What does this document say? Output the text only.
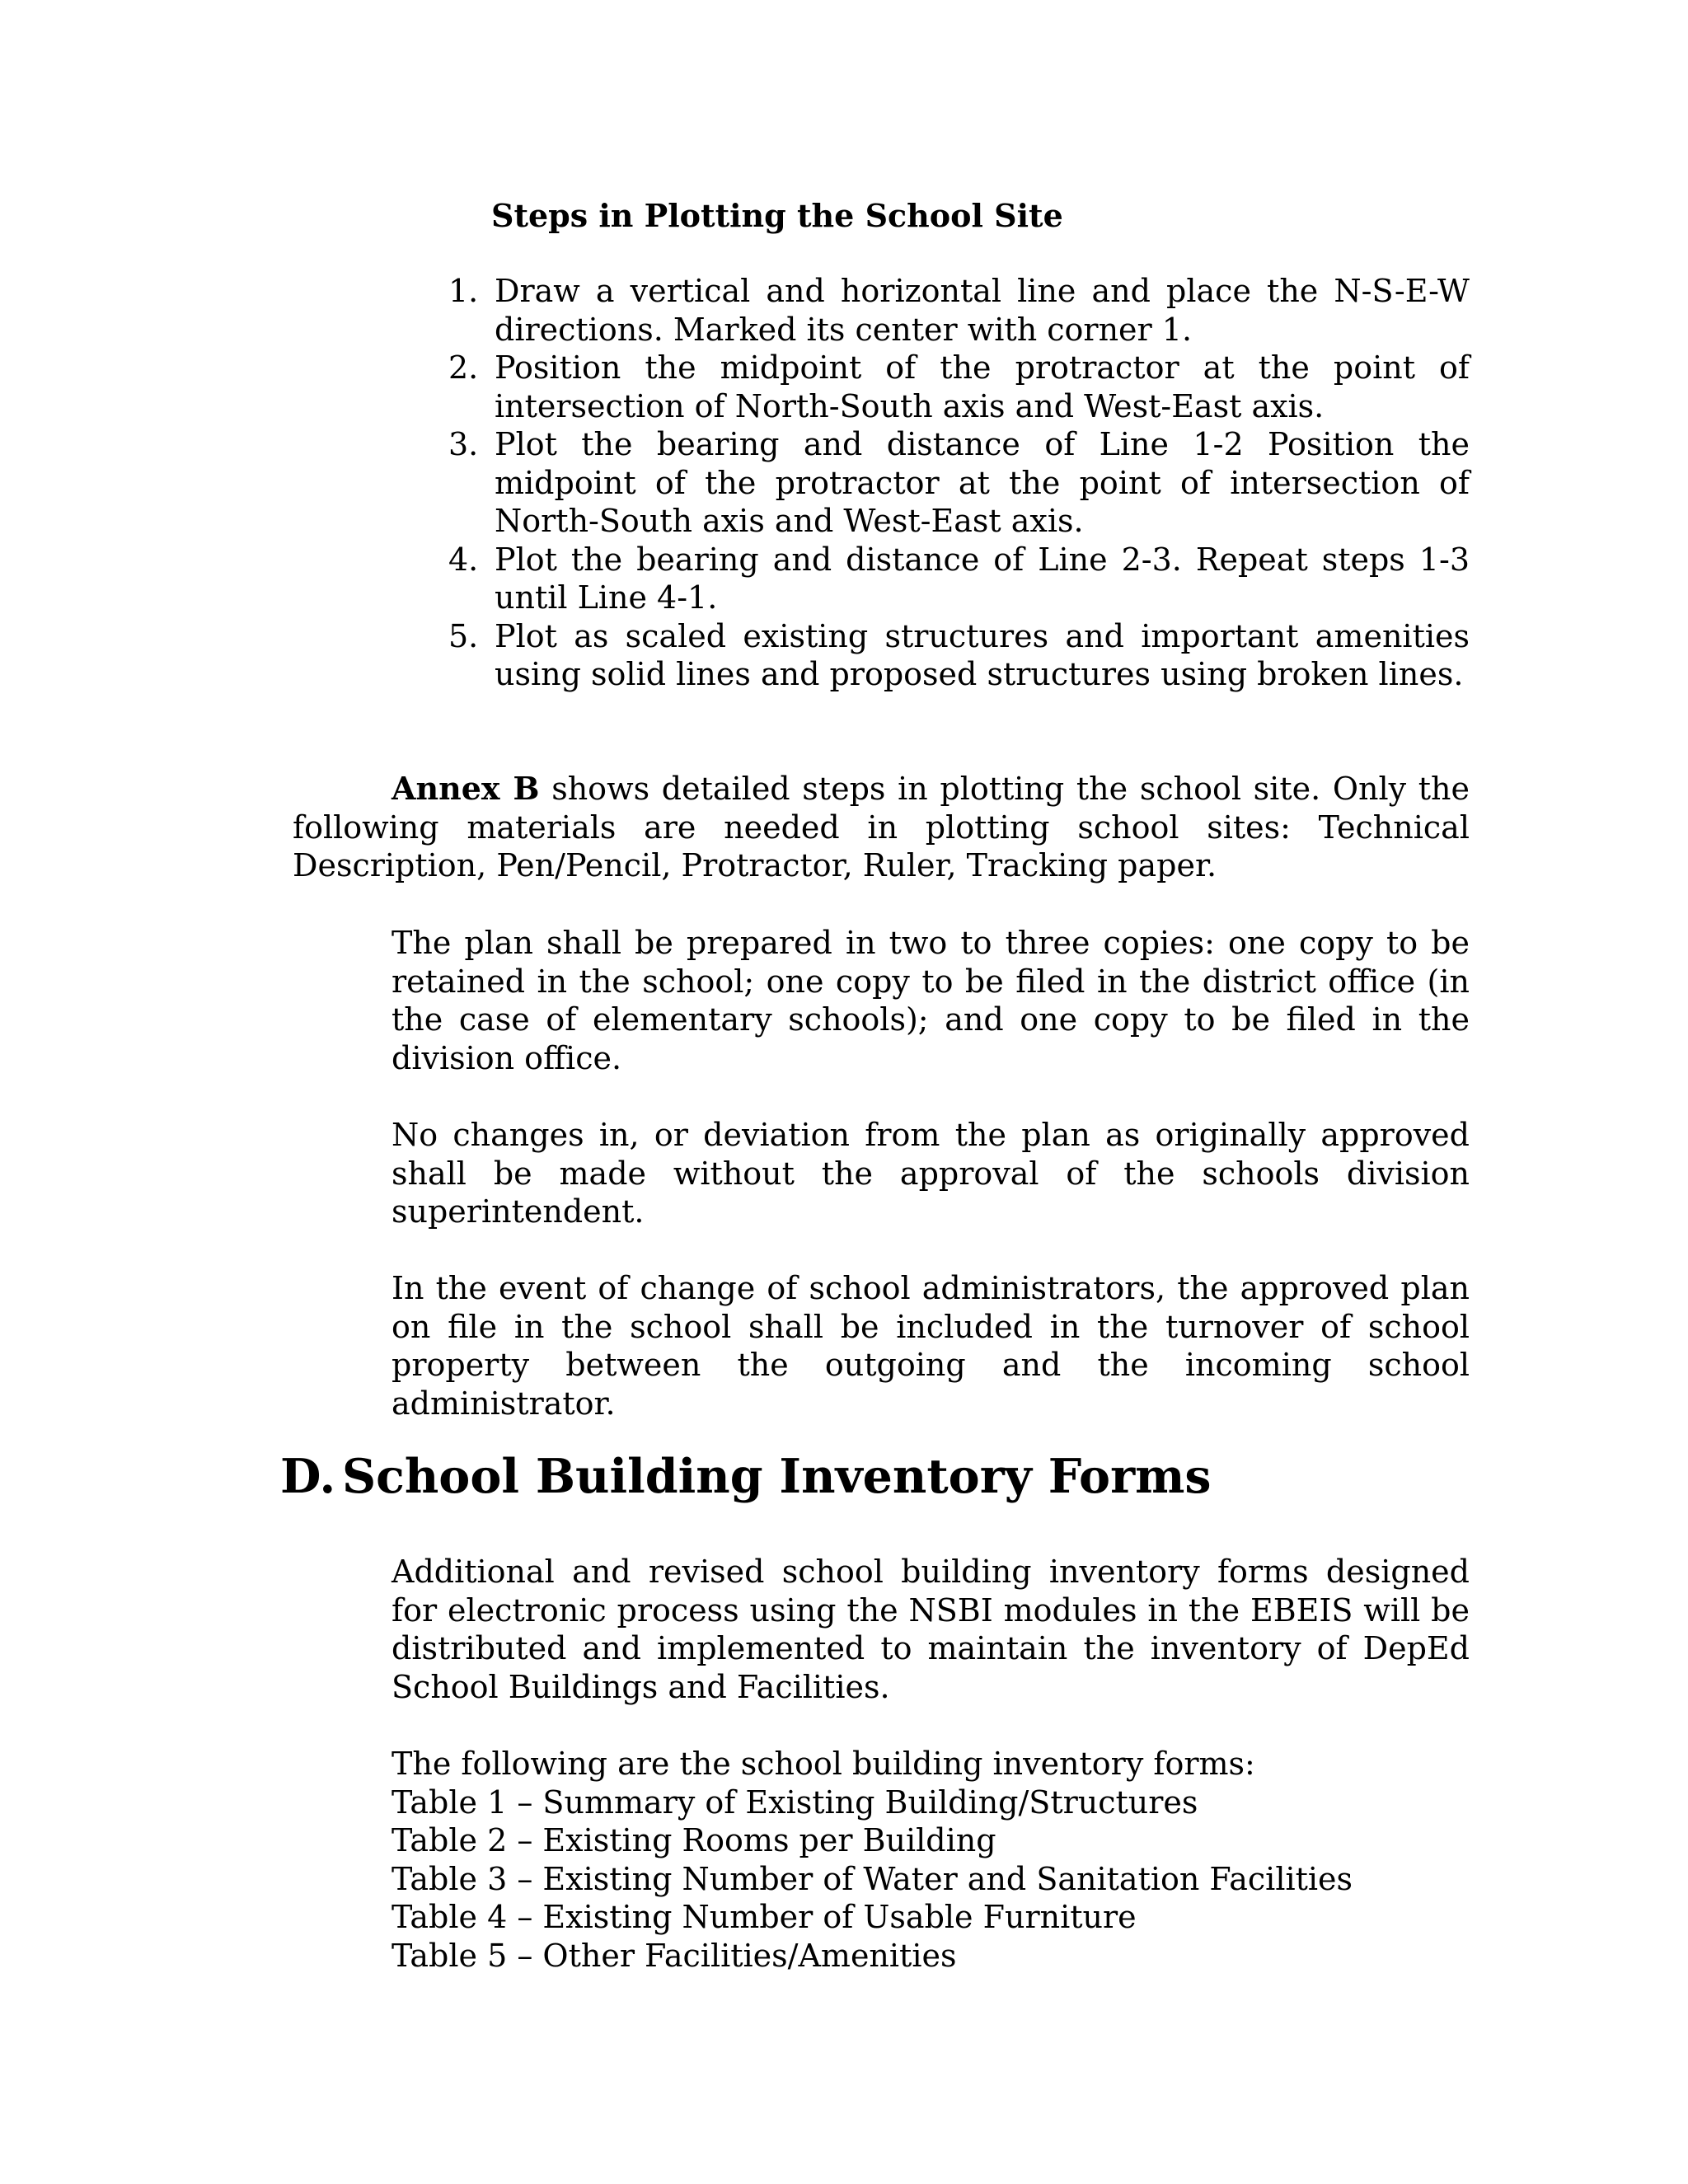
Steps in Plotting the School Site
1. Draw a vertical and horizontal line and place the N-S-E-W directions. Marked its center with corner 1.
2. Position the midpoint of the protractor at the point of intersection of North-South axis and West-East axis.
3. Plot the bearing and distance of Line 1-2 Position the midpoint of the protractor at the point of intersection of North-South axis and West-East axis.
4. Plot the bearing and distance of Line 2-3. Repeat steps 1-3 until Line 4-1.
5. Plot as scaled existing structures and important amenities using solid lines and proposed structures using broken lines.

Annex B shows detailed steps in plotting the school site. Only the following materials are needed in plotting school sites: Technical Description, Pen/Pencil, Protractor, Ruler, Tracking paper.

The plan shall be prepared in two to three copies: one copy to be retained in the school; one copy to be filed in the district office (in the case of elementary schools); and one copy to be filed in the division office.

No changes in, or deviation from the plan as originally approved shall be made without the approval of the schools division superintendent.

In the event of change of school administrators, the approved plan on file in the school shall be included in the turnover of school property between the outgoing and the incoming school administrator.

D. School Building Inventory Forms

Additional and revised school building inventory forms designed for electronic process using the NSBI modules in the EBEIS will be distributed and implemented to maintain the inventory of DepEd School Buildings and Facilities.

The following are the school building inventory forms:
Table 1 – Summary of Existing Building/Structures
Table 2 – Existing Rooms per Building
Table 3 – Existing Number of Water and Sanitation Facilities
Table 4 – Existing Number of Usable Furniture
Table 5 – Other Facilities/Amenities
